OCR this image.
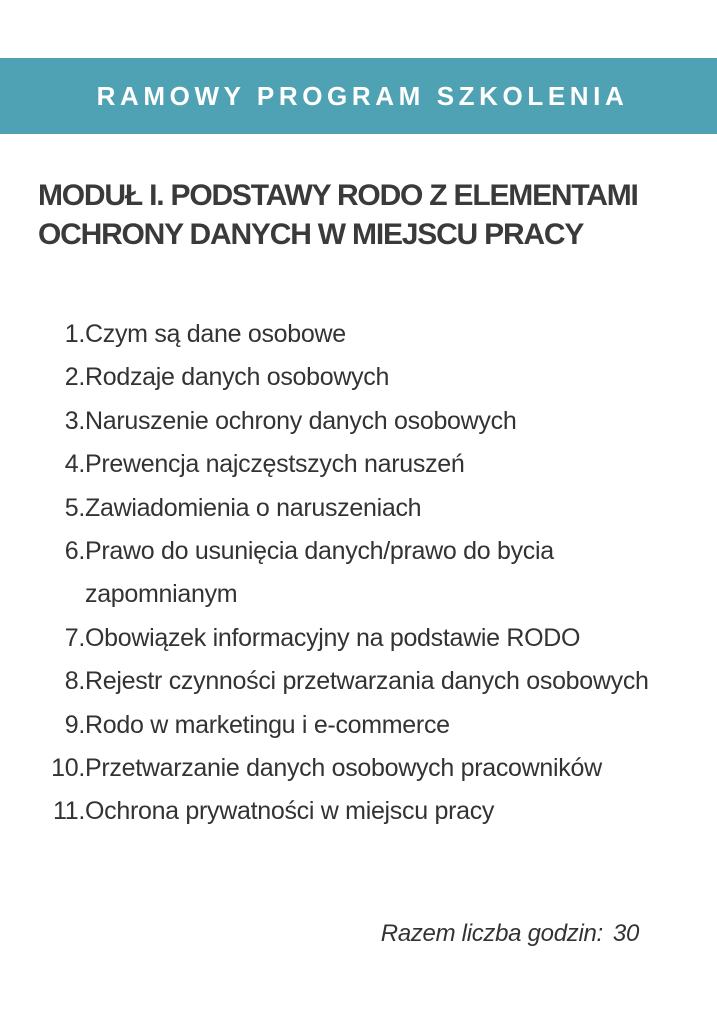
RAMOWY PROGRAM SZKOLENIA
MODUŁ I. PODSTAWY RODO Z ELEMENTAMI OCHRONY DANYCH W MIEJSCU PRACY
1. Czym są dane osobowe
2. Rodzaje danych osobowych
3. Naruszenie ochrony danych osobowych
4. Prewencja najczęstszych naruszeń
5. Zawiadomienia o naruszeniach
6. Prawo do usunięcia danych/prawo do bycia zapomnianym
7. Obowiązek informacyjny na podstawie RODO
8. Rejestr czynności przetwarzania danych osobowych
9. Rodo w marketingu i e-commerce
10. Przetwarzanie danych osobowych pracowników
11. Ochrona prywatności w miejscu pracy
Razem liczba godzin: 30
